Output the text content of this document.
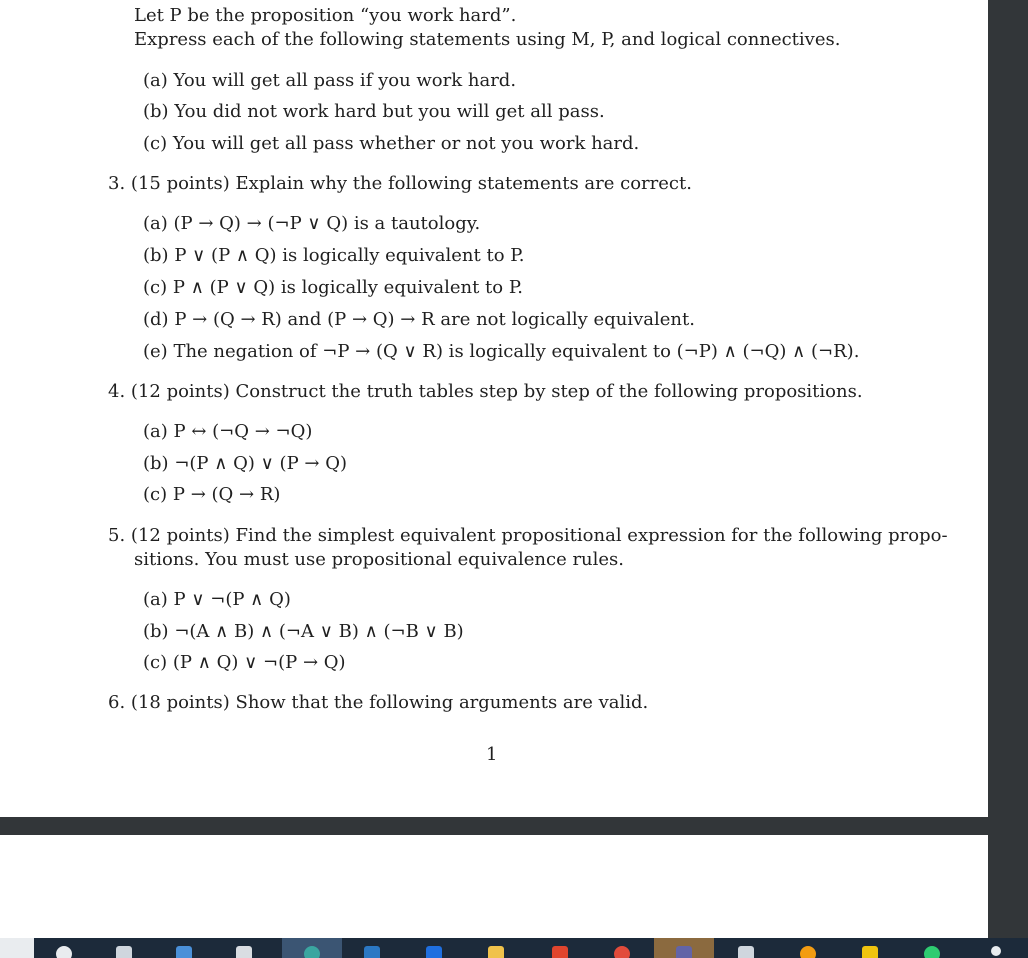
Let P be the proposition “you work hard”.
Express each of the following statements using M, P, and logical connectives.
(a) You will get all pass if you work hard.
(b) You did not work hard but you will get all pass.
(c) You will get all pass whether or not you work hard.
3. (15 points) Explain why the following statements are correct.
(a) (P → Q) → (¬P ∨ Q) is a tautology.
(b) P ∨ (P ∧ Q) is logically equivalent to P.
(c) P ∧ (P ∨ Q) is logically equivalent to P.
(d) P → (Q → R) and (P → Q) → R are not logically equivalent.
(e) The negation of ¬P → (Q ∨ R) is logically equivalent to (¬P) ∧ (¬Q) ∧ (¬R).
4. (12 points) Construct the truth tables step by step of the following propositions.
(a) P ↔ (¬Q → ¬Q)
(b) ¬(P ∧ Q) ∨ (P → Q)
(c) P → (Q → R)
5. (12 points) Find the simplest equivalent propositional expression for the following propo-
sitions. You must use propositional equivalence rules.
(a) P ∨ ¬(P ∧ Q)
(b) ¬(A ∧ B) ∧ (¬A ∨ B) ∧ (¬B ∨ B)
(c) (P ∧ Q) ∨ ¬(P → Q)
6. (18 points) Show that the following arguments are valid.
1
